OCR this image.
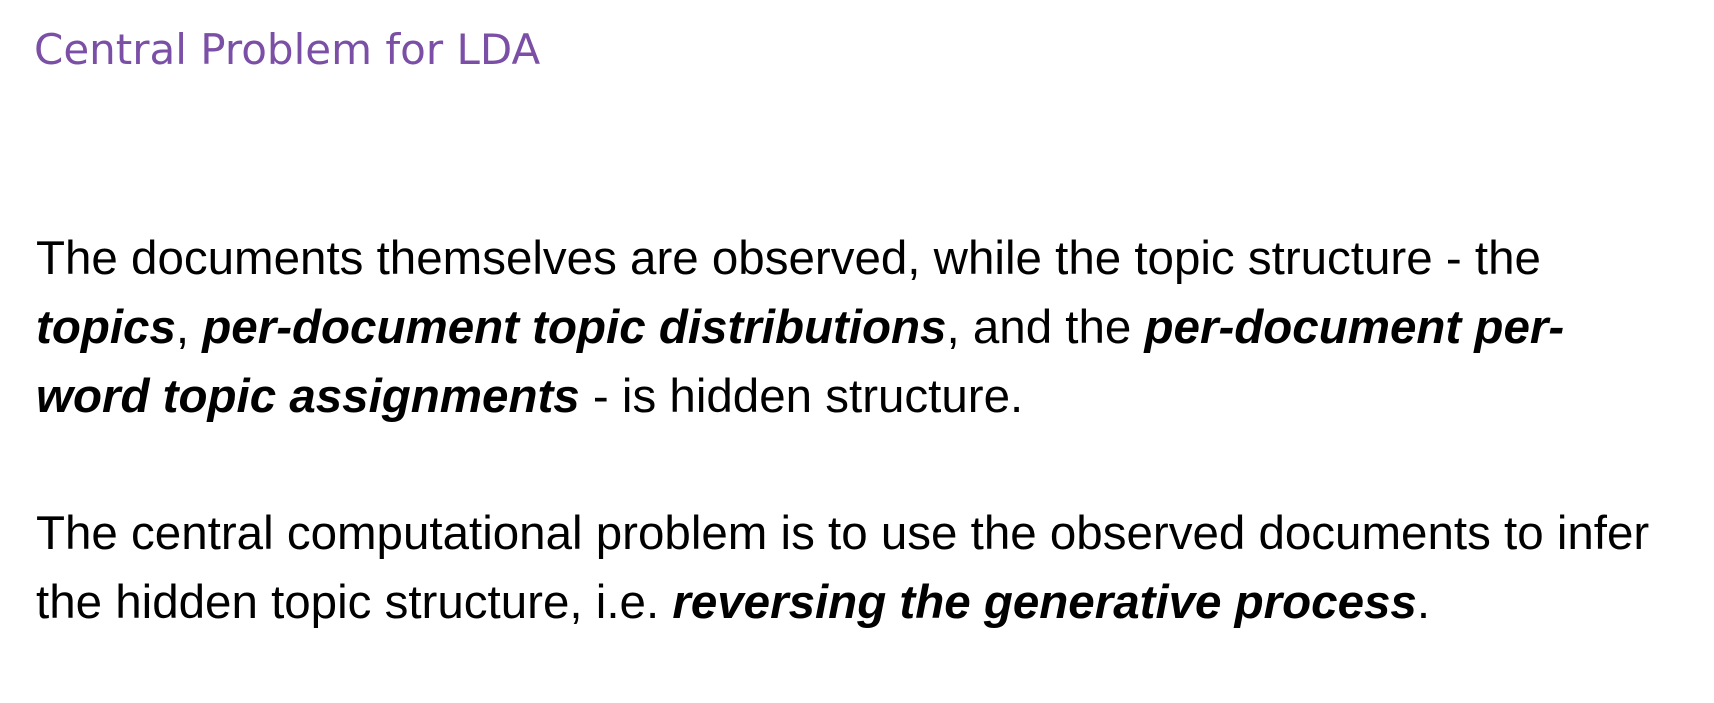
Central Problem for LDA

The documents themselves are observed, while the topic structure - the topics, per-document topic distributions, and the per-document per-word topic assignments - is hidden structure.

The central computational problem is to use the observed documents to infer the hidden topic structure, i.e. reversing the generative process.
